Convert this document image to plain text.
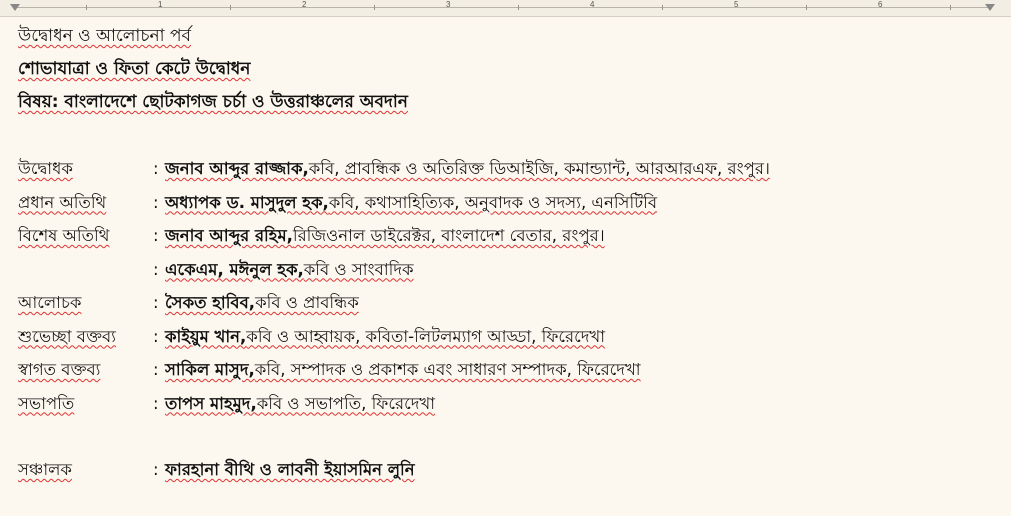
1	2	3	4	5	6
উদ্বোধন ও আলোচনা পর্ব
শোভাযাত্রা ও ফিতা কেটে উদ্বোধন
বিষয়: বাংলাদেশে ছোটকাগজ চর্চা ও উত্তরাঞ্চলের অবদান
উদ্বোধক	: জনাব আব্দুর রাজ্জাক, কবি, প্রাবন্ধিক ও অতিরিক্ত ডিআইজি, কমান্ড্যান্ট, আরআরএফ, রংপুর।
প্রধান অতিথি	: অধ্যাপক ড. মাসুদুল হক, কবি, কথাসাহিত্যিক, অনুবাদক ও সদস্য, এনসিটিবি
বিশেষ অতিথি	: জনাব আব্দুর রহিম, রিজিওনাল ডাইরেক্টর, বাংলাদেশ বেতার, রংপুর।
: একেএম, মঈনুল হক, কবি ও সাংবাদিক
আলোচক	: সৈকত হাবিব, কবি ও প্রাবন্ধিক
শুভেচ্ছা বক্তব্য	: কাইয়ুম খান, কবি ও আহ্বায়ক, কবিতা-লিটলম্যাগ আড্ডা, ফিরেদেখা
স্বাগত বক্তব্য	: সাকিল মাসুদ, কবি, সম্পাদক ও প্রকাশক এবং সাধারণ সম্পাদক, ফিরেদেখা
সভাপতি	: তাপস মাহমুদ, কবি ও সভাপতি, ফিরেদেখা
সঞ্চালক	: ফারহানা বীথি ও লাবনী ইয়াসমিন লুনি
